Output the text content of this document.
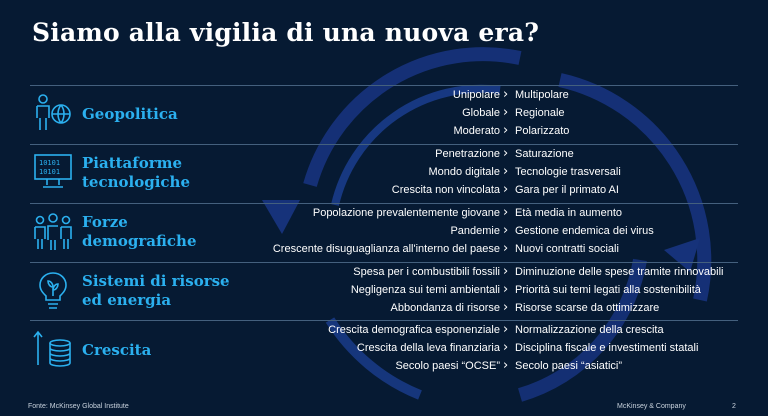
Siamo alla vigilia di una nuova era?
Geopolitica
Unipolare › Multipolare
Globale › Regionale
Moderato › Polarizzato
10101
10101 Piattaforme
tecnologiche
Penetrazione › Saturazione
Mondo digitale › Tecnologie trasversali
Crescita non vincolata › Gara per il primato AI
Forze
demografiche
Popolazione prevalentemente giovane › Età media in aumento
Pandemie › Gestione endemica dei virus
Crescente disuguaglianza all'interno del paese › Nuovi contratti sociali
Sistemi di risorse
ed energia
Spesa per i combustibili fossili › Diminuzione delle spese tramite rinnovabili
Negligenza sui temi ambientali › Priorità sui temi legati alla sostenibilità
Abbondanza di risorse › Risorse scarse da ottimizzare
Crescita
Crescita demografica esponenziale › Normalizzazione della crescita
Crescita della leva finanziaria › Disciplina fiscale e investimenti statali
Secolo paesi “OCSE” › Secolo paesi “asiatici”
Fonte: McKinsey Global Institute	McKinsey & Company	2
